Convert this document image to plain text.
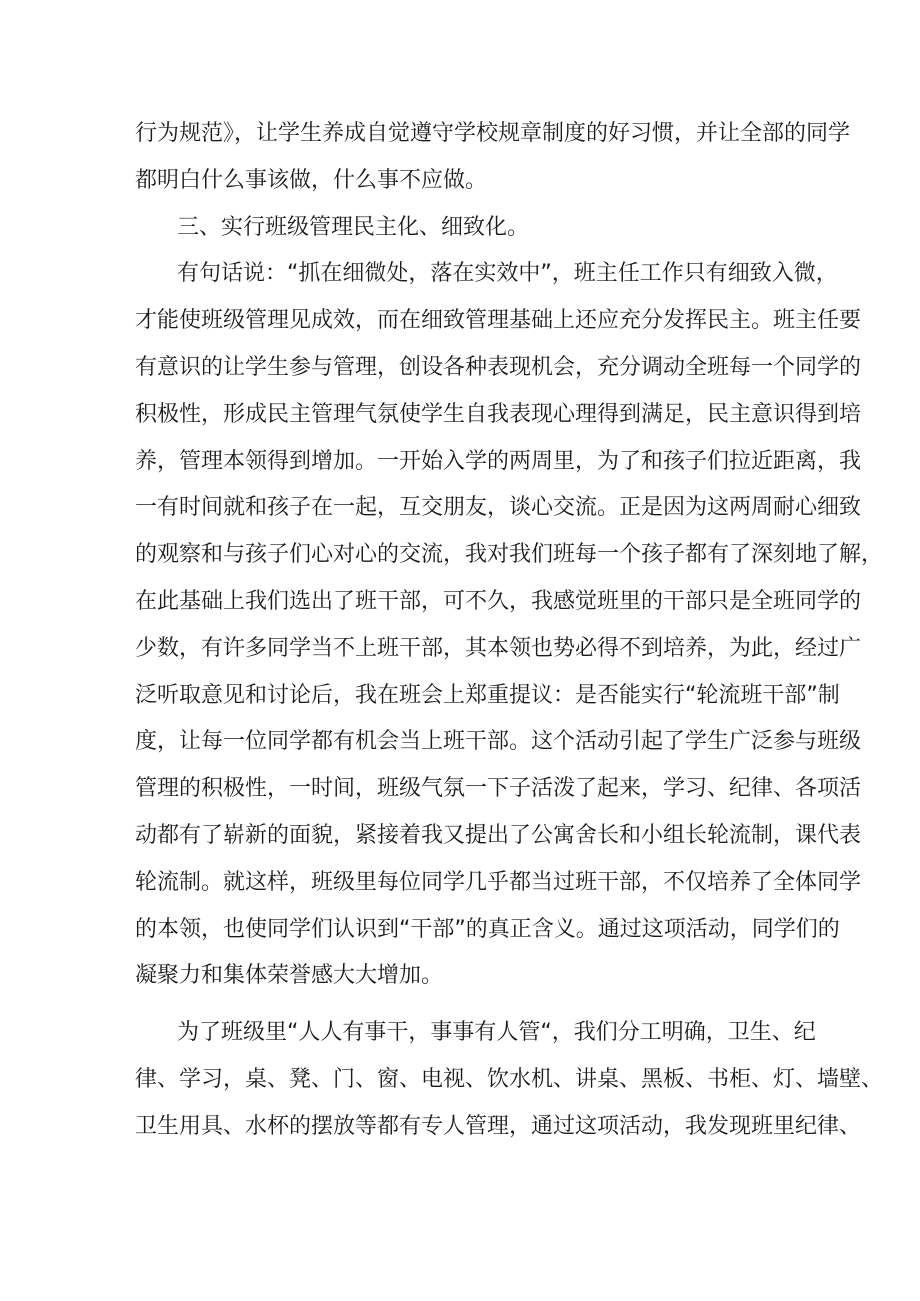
行为规范》，让学生养成自觉遵守学校规章制度的好习惯，并让全部的同学
都明白什么事该做，什么事不应做。
三、实行班级管理民主化、细致化。
有句话说：“抓在细微处，落在实效中”，班主任工作只有细致入微，
才能使班级管理见成效，而在细致管理基础上还应充分发挥民主。班主任要
有意识的让学生参与管理，创设各种表现机会，充分调动全班每一个同学的
积极性，形成民主管理气氛使学生自我表现心理得到满足，民主意识得到培
养，管理本领得到增加。一开始入学的两周里，为了和孩子们拉近距离，我
一有时间就和孩子在一起，互交朋友，谈心交流。正是因为这两周耐心细致
的观察和与孩子们心对心的交流，我对我们班每一个孩子都有了深刻地了解，
在此基础上我们选出了班干部，可不久，我感觉班里的干部只是全班同学的
少数，有许多同学当不上班干部，其本领也势必得不到培养，为此，经过广
泛听取意见和讨论后，我在班会上郑重提议：是否能实行“轮流班干部”制
度，让每一位同学都有机会当上班干部。这个活动引起了学生广泛参与班级
管理的积极性，一时间，班级气氛一下子活泼了起来，学习、纪律、各项活
动都有了崭新的面貌，紧接着我又提出了公寓舍长和小组长轮流制，课代表
轮流制。就这样，班级里每位同学几乎都当过班干部，不仅培养了全体同学
的本领，也使同学们认识到“干部”的真正含义。通过这项活动，同学们的
凝聚力和集体荣誉感大大增加。
为了班级里“人人有事干，事事有人管“，我们分工明确，卫生、纪
律、学习，桌、凳、门、窗、电视、饮水机、讲桌、黑板、书柜、灯、墙壁、
卫生用具、水杯的摆放等都有专人管理，通过这项活动，我发现班里纪律、
